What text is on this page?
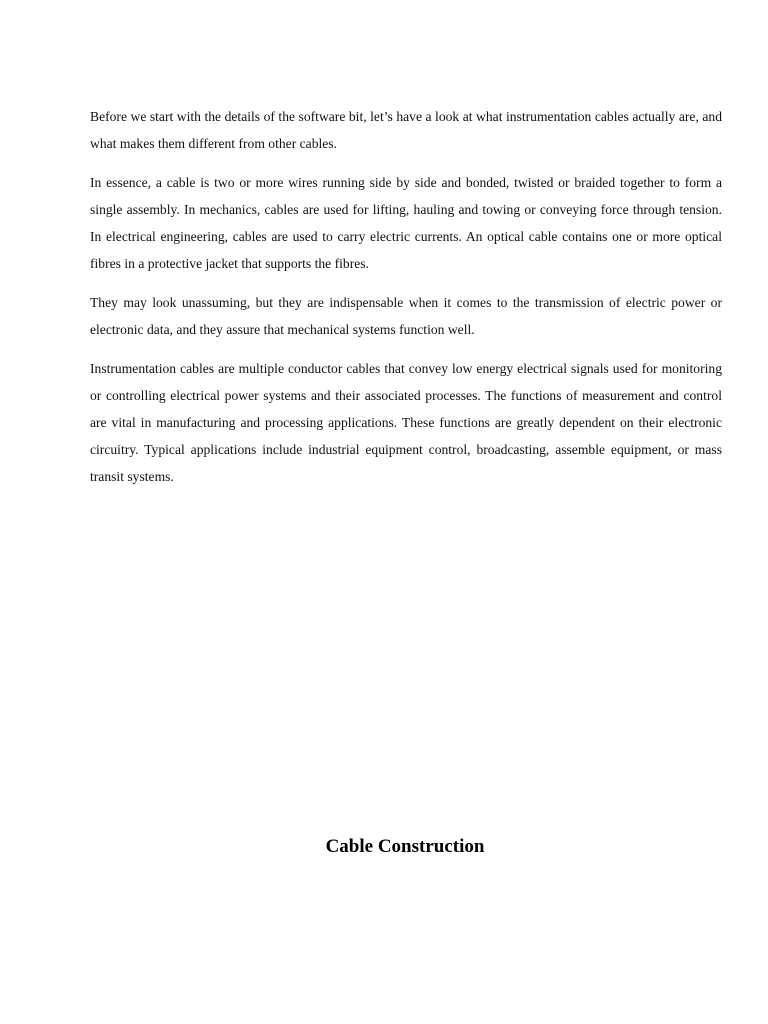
Before we start with the details of the software bit, let’s have a look at what instrumentation cables actually are, and what makes them different from other cables.

In essence, a cable is two or more wires running side by side and bonded, twisted or braided together to form a single assembly. In mechanics, cables are used for lifting, hauling and towing or conveying force through tension. In electrical engineering, cables are used to carry electric currents. An optical cable contains one or more optical fibres in a protective jacket that supports the fibres.

They may look unassuming, but they are indispensable when it comes to the transmission of electric power or electronic data, and they assure that mechanical systems function well.

Instrumentation cables are multiple conductor cables that convey low energy electrical signals used for monitoring or controlling electrical power systems and their associated processes. The functions of measurement and control are vital in manufacturing and processing applications. These functions are greatly dependent on their electronic circuitry. Typical applications include industrial equipment control, broadcasting, assemble equipment, or mass transit systems.

Cable Construction
